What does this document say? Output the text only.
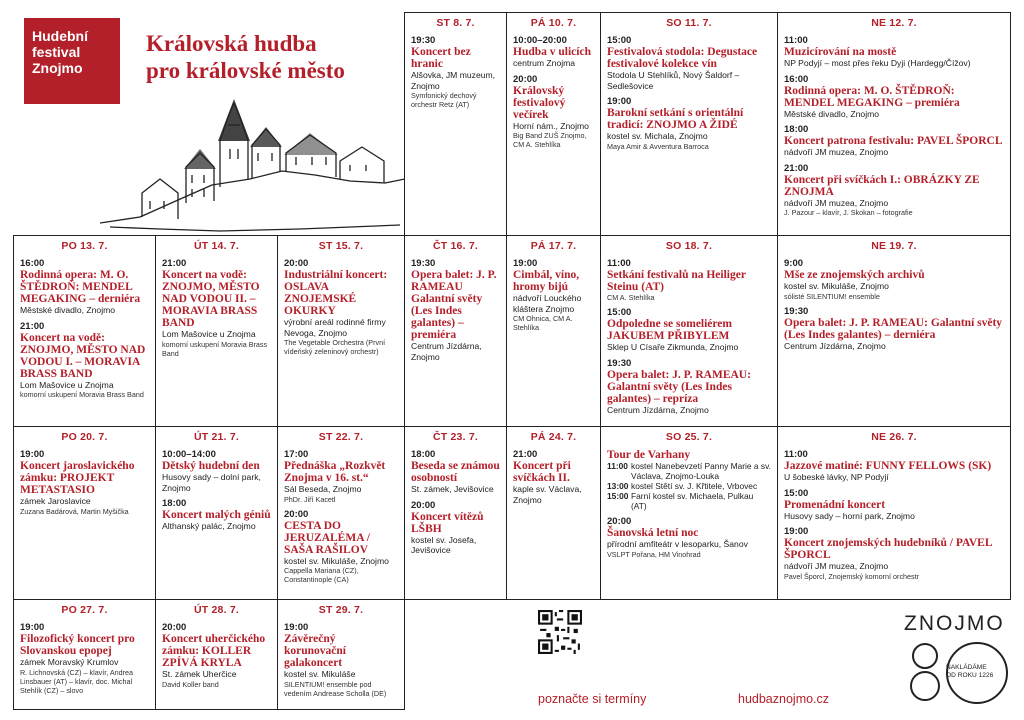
Hudební
festival
Znojmo
Královská hudba
pro královské město
ST 8. 7.
19:30
Koncert bez hranic
Alšovka, JM muzeum, Znojmo
Symfonický dechový orchestr Retz (AT)
PÁ 10. 7.
10:00–20:00
Hudba v ulicích
centrum Znojma
20:00
Královský festivalový večírek
Horní nám., Znojmo
Big Band ZUŠ Znojmo, CM A. Stehlíka
SO 11. 7.
15:00
Festivalová stodola: Degustace festivalové kolekce vín
Stodola U Stehlíků, Nový Šaldorf – Sedlešovice
19:00
Barokní setkání s orientální tradicí: ZNOJMO A ŽIDÉ
kostel sv. Michala, Znojmo
Maya Amir & Avventura Barroca
NE 12. 7.
11:00
Muzicírování na mostě
NP Podyjí – most přes řeku Dyji (Hardegg/Čížov)
16:00
Rodinná opera: M. O. ŠTĚDROŇ: MENDEL MEGAKING – premiéra
Městské divadlo, Znojmo
18:00
Koncert patrona festivalu: PAVEL ŠPORCL
nádvoří JM muzea, Znojmo
21:00
Koncert při svíčkách I.: OBRÁZKY ZE ZNOJMA
nádvoří JM muzea, Znojmo
J. Pazour – klavír, J. Skokan – fotografie
PO 13. 7.
16:00
Rodinná opera: M. O. ŠTĚDROŇ: MENDEL MEGAKING – derniéra
Městské divadlo, Znojmo
21:00
Koncert na vodě: ZNOJMO, MĚSTO NAD VODOU I. – MORAVIA BRASS BAND
Lom Mašovice u Znojma
komorní uskupení Moravia Brass Band
ÚT 14. 7.
21:00
Koncert na vodě: ZNOJMO, MĚSTO NAD VODOU II. – MORAVIA BRASS BAND
Lom Mašovice u Znojma
komorní uskupení Moravia Brass Band
ST 15. 7.
20:00
Industriální koncert: OSLAVA ZNOJEMSKÉ OKURKY
výrobní areál rodinné firmy Nevoga, Znojmo
The Vegetable Orchestra (První vídeňský zeleninový orchestr)
ČT 16. 7.
19:30
Opera balet: J. P. RAMEAU Galantní světy (Les Indes galantes) – premiéra
Centrum Jízdárna, Znojmo
PÁ 17. 7.
19:00
Cimbál, víno, hromy bijú
nádvoří Louckého kláštera Znojmo
CM Ohnica, CM A. Stehlíka
SO 18. 7.
11:00
Setkání festivalů na Heiliger Steinu (AT)
CM A. Stehlíka
15:00
Odpoledne se someliérem JAKUBEM PŘIBYLEM
Sklep U Císaře Zikmunda, Znojmo
19:30
Opera balet: J. P. RAMEAU: Galantní světy (Les Indes galantes) – repríza
Centrum Jízdárna, Znojmo
NE 19. 7.
9:00
Mše ze znojemských archivů
kostel sv. Mikuláše, Znojmo
sólisté SILENTIUM! ensemble
19:30
Opera balet: J. P. RAMEAU: Galantní světy (Les Indes galantes) – derniéra
Centrum Jízdárna, Znojmo
PO 20. 7.
19:00
Koncert jaroslavického zámku: PROJEKT METASTASIO
zámek Jaroslavice
Zuzana Badárová, Martin Myšička
ÚT 21. 7.
10:00–14:00
Dětský hudební den
Husovy sady – dolní park, Znojmo
18:00
Koncert malých géniů
Althanský palác, Znojmo
ST 22. 7.
17:00
Přednáška „Rozkvět Znojma v 16. st.“
Sál Beseda, Znojmo
PhDr. Jiří Kacetl
20:00
CESTA DO JERUZALÉMA / SAŠA RAŠILOV
kostel sv. Mikuláše, Znojmo
Cappella Mariana (CZ), Constantinople (CA)
ČT 23. 7.
18:00
Beseda se známou osobností
St. zámek, Jevišovice
20:00
Koncert vítězů LŠBH
kostel sv. Josefa, Jevišovice
PÁ 24. 7.
21:00
Koncert při svíčkách II.
kaple sv. Václava, Znojmo
SO 25. 7.
Tour de Varhany
11:00 kostel Nanebevzetí Panny Marie a sv. Václava, Znojmo-Louka
13:00 kostel Stětí sv. J. Křtitele, Vrbovec
15:00 Farní kostel sv. Michaela, Pulkau (AT)
20:00
Šanovská letní noc
přírodní amfiteátr v lesoparku, Šanov
VSLPT Pořana, HM Vinohrad
NE 26. 7.
11:00
Jazzové matiné: FUNNY FELLOWS (SK)
U šobeské lávky, NP Podyjí
15:00
Promenádní koncert
Husovy sady – horní park, Znojmo
19:00
Koncert znojemských hudebníků / PAVEL ŠPORCL
nádvoří JM muzea, Znojmo
Pavel Šporcl, Znojemský komorní orchestr
PO 27. 7.
19:00
Filozofický koncert pro Slovanskou epopej
zámek Moravský Krumlov
R. Lichnovská (CZ) – klavír, Andrea Linsbauer (AT) – klavír, doc. Michal Stehlík (CZ) – slovo
ÚT 28. 7.
20:00
Koncert uherčického zámku: KOLLER ZPÍVÁ KRYLA
St. zámek Uherčice
David Koller band
ST 29. 7.
19:00
Závěrečný korunovační galakoncert
kostel sv. Mikuláše
SILENTIUM! ensemble pod vedením Andrease Scholla (DE)	poznačte si termíny	hudbaznojmo.cz
ZNOJMO
NAKLÁDÁME
OD ROKU 1226
